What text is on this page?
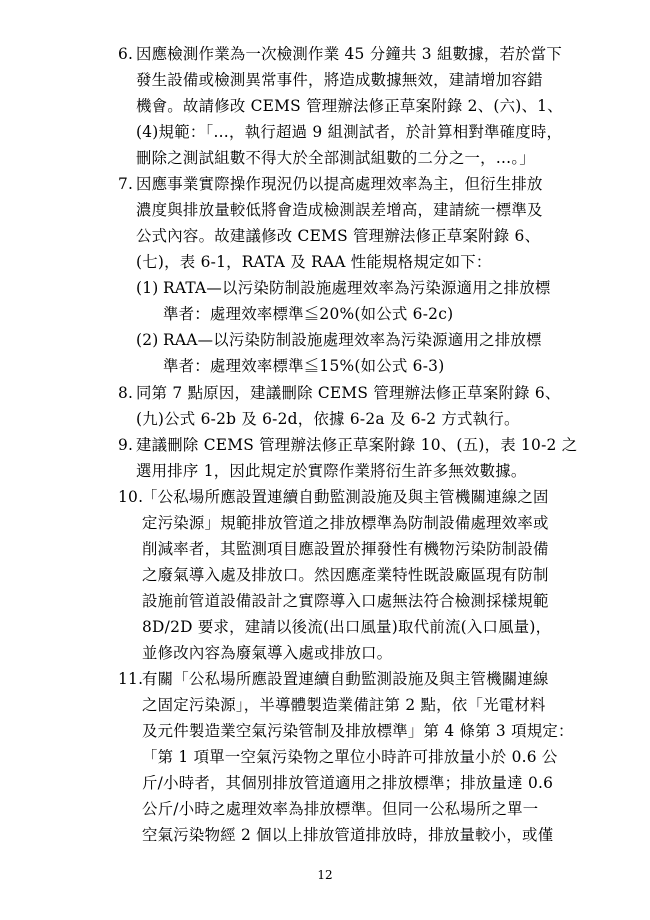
6. 因應檢測作業為一次檢測作業 45 分鐘共 3 組數據，若於當下
發生設備或檢測異常事件，將造成數據無效，建請增加容錯
機會。故請修改 CEMS 管理辦法修正草案附錄 2、(六)、1、
(4)規範：「…，執行超過 9 組測試者，於計算相對準確度時，
刪除之測試組數不得大於全部測試組數的二分之一，…。」
7. 因應事業實際操作現況仍以提高處理效率為主，但衍生排放
濃度與排放量較低將會造成檢測誤差增高，建請統一標準及
公式內容。故建議修改 CEMS 管理辦法修正草案附錄 6、
(七)，表 6-1，RATA 及 RAA 性能規格規定如下：
(1) RATA—以污染防制設施處理效率為污染源適用之排放標
準者：處理效率標準≦20%(如公式 6-2c)
(2) RAA—以污染防制設施處理效率為污染源適用之排放標
準者：處理效率標準≦15%(如公式 6-3)
8. 同第 7 點原因，建議刪除 CEMS 管理辦法修正草案附錄 6、
(九)公式 6-2b 及 6-2d，依據 6-2a 及 6-2 方式執行。
9. 建議刪除 CEMS 管理辦法修正草案附錄 10、(五)，表 10-2 之
選用排序 1，因此規定於實際作業將衍生許多無效數據。
10.
「公私場所應設置連續自動監測設施及與主管機關連線之固
定污染源」規範排放管道之排放標準為防制設備處理效率或
削減率者，其監測項目應設置於揮發性有機物污染防制設備
之廢氣導入處及排放口。然因應產業特性既設廠區現有防制
設施前管道設備設計之實際導入口處無法符合檢測採樣規範
8D/2D 要求，建請以後流(出口風量)取代前流(入口風量)，
並修改內容為廢氣導入處或排放口。
11.
有關「公私場所應設置連續自動監測設施及與主管機關連線
之固定污染源」，半導體製造業備註第 2 點，依「光電材料
及元件製造業空氣污染管制及排放標準」第 4 條第 3 項規定：
「第 1 項單一空氣污染物之單位小時許可排放量小於 0.6 公
斤/小時者，其個別排放管道適用之排放標準；排放量達 0.6
公斤/小時之處理效率為排放標準。但同一公私場所之單一
空氣污染物經 2 個以上排放管道排放時，排放量較小，或僅
12
